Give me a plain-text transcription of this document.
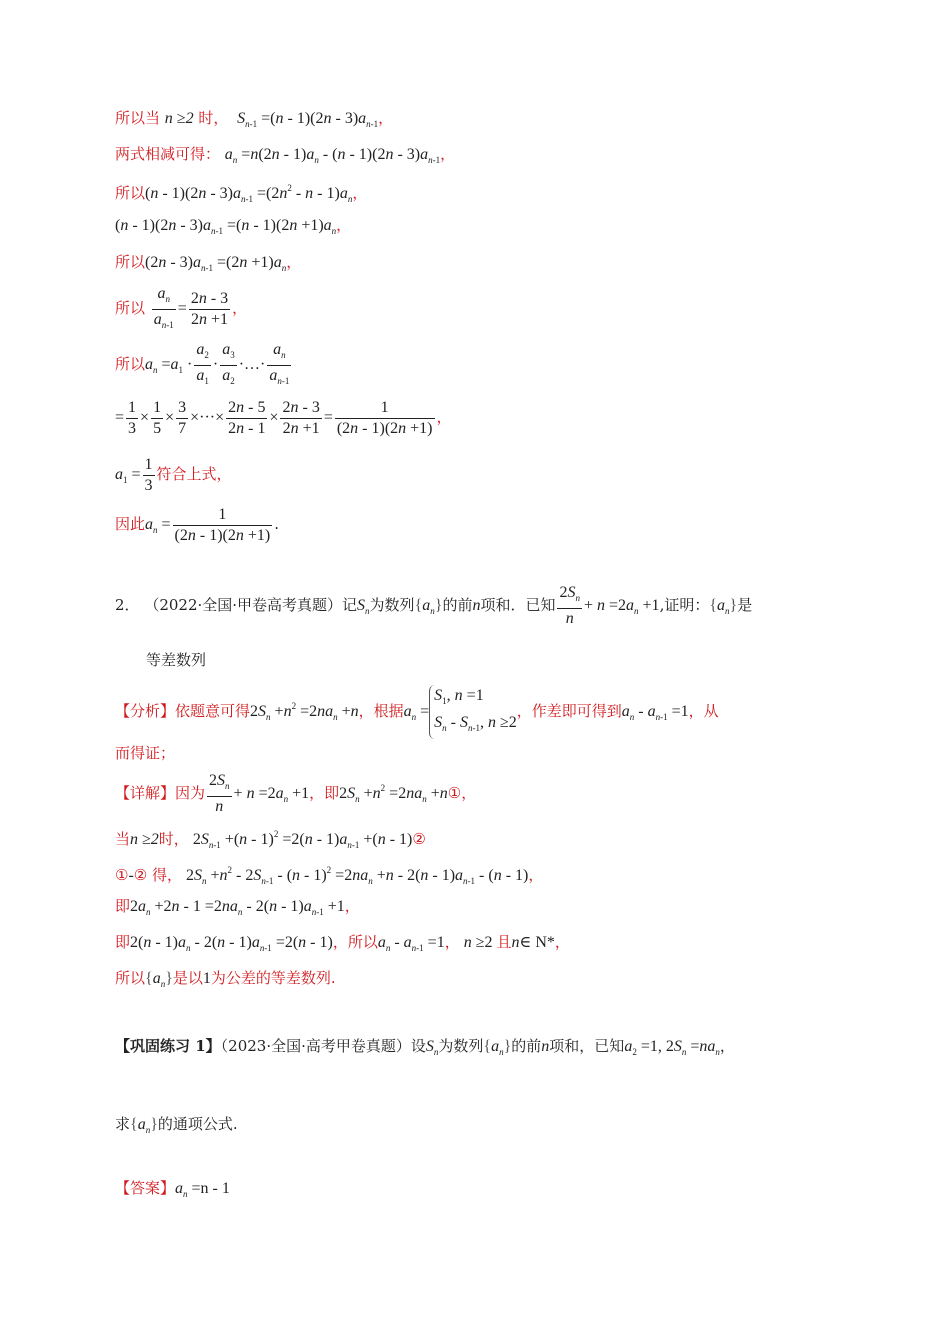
所以当 n ≥2 时， $S_{n-1} =(n - 1)(2n - 3)a_{n-1}$，
两式相减可得： $a_n =n(2n - 1)a_n - (n - 1)(2n - 3)a_{n-1}$，
所以$(n - 1)(2n - 3)a_{n-1} =(2n^2 - n - 1)a_n$，
$(n - 1)(2n - 3)a_{n-1} =(n - 1)(2n +1)a_n$，
所以$(2n - 3)a_{n-1} =(2n +1)a_n$，
所以 $\frac{a_n}{a_{n-1}} = \frac{2n - 3}{2n +1}$ ，
所以$a_n =a_1 \cdot \frac{a_2}{a_1} \cdot \frac{a_3}{a_2}$ ·…· $\frac{a_n}{a_{n-1}}$
= $\frac{1}{3} \times \frac{1}{5} \times \frac{3}{7}$ ×···× $\frac{2n - 5}{2n - 1} \times \frac{2n - 3}{2n +1} = \frac{1}{(2n - 1)(2n +1)}$ ，
$a_1 = \frac{1}{3}$ 符合上式，
因此$a_n = \frac{1}{(2n - 1)(2n +1)}$ .
2． （2022·全国·甲卷高考真题）记$S_n$为数列$\{a_n\}$的前n项和．已知 $\frac{2S_n}{n} + n =2a_n +1$,证明：$\{a_n\}$是
等差数列
【分析】依题意可得$2S_n +n^2 =2na_n +n$，根据$a_n$ =
$S_1$, n =1
$S_n - S_{n-1}$, n ≥2
，作差即可得到$a_n - a_{n-1} =1$，从
而得证；
【详解】因为 $\frac{2S_n}{n} + n =2a_n +1$，即$2S_n +n^2 =2na_n$ +n①，
当n ≥2时， $2S_{n-1} +(n - 1)^2 =2(n - 1)a_{n-1} +(n$ - 1)②
①-② 得， $2S_n +n^2 - 2S_{n-1} - (n - 1)^2 =2na_n +n - 2(n - 1)a_{n-1} - (n - 1)$，
即$2a_n +2n - 1 =2na_n - 2(n - 1)a_{n-1} +1$，
即$2(n - 1)a_n - 2(n - 1)a_{n-1} =2(n - 1)$，所以$a_n - a_{n-1} =1$， n ≥2 且n∈ N*，
所以$\{a_n\}$是以1为公差的等差数列.
【巩固练习 1】（2023·全国·高考甲卷真题）设$S_n$为数列$\{a_n\}$的前n项和，已知$a_2 =1$, $2S_n =na_n$，
求$\{a_n\}$的通项公式.
【答案】$a_n =n - 1$
